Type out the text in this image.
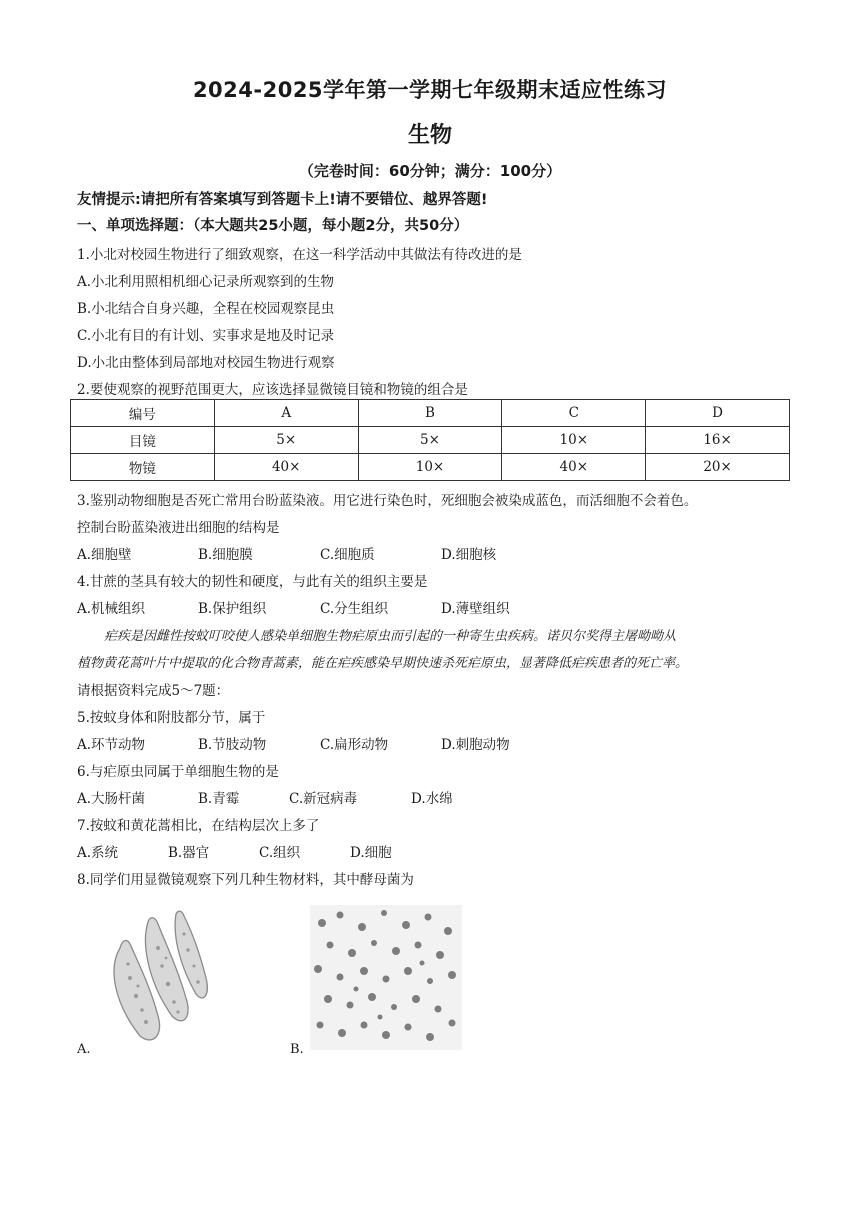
2024-2025学年第一学期七年级期末适应性练习
生物
（完卷时间：60分钟；满分：100分）
友情提示:请把所有答案填写到答题卡上!请不要错位、越界答题!
一、单项选择题：（本大题共25小题，每小题2分，共50分）
1.小北对校园生物进行了细致观察，在这一科学活动中其做法有待改进的是
A.小北利用照相机细心记录所观察到的生物
B.小北结合自身兴趣，全程在校园观察昆虫
C.小北有目的有计划、实事求是地及时记录
D.小北由整体到局部地对校园生物进行观察
2.要使观察的视野范围更大，应该选择显微镜目镜和物镜的组合是
编号	A	B	C	D
目镜	5×	5×	10×	16×
物镜	40×	10×	40×	20×
3.鉴别动物细胞是否死亡常用台盼蓝染液。用它进行染色时，死细胞会被染成蓝色，而活细胞不会着色。
控制台盼蓝染液进出细胞的结构是
A.细胞壁	B.细胞膜	C.细胞质	D.细胞核
4.甘蔗的茎具有较大的韧性和硬度，与此有关的组织主要是
A.机械组织	B.保护组织	C.分生组织	D.薄壁组织
疟疾是因雌性按蚊叮咬使人感染单细胞生物疟原虫而引起的一种寄生虫疾病。诺贝尔奖得主屠呦呦从
植物黄花蒿叶片中提取的化合物青蒿素，能在疟疾感染早期快速杀死疟原虫，显著降低疟疾患者的死亡率。
请根据资料完成5～7题：
5.按蚊身体和附肢都分节，属于
A.环节动物	B.节肢动物	C.扁形动物	D.刺胞动物
6.与疟原虫同属于单细胞生物的是
A.大肠杆菌	B.青霉	C.新冠病毒	D.水绵
7.按蚊和黄花蒿相比，在结构层次上多了
A.系统	B.器官	C.组织	D.细胞
8.同学们用显微镜观察下列几种生物材料，其中酵母菌为
A.	B.
